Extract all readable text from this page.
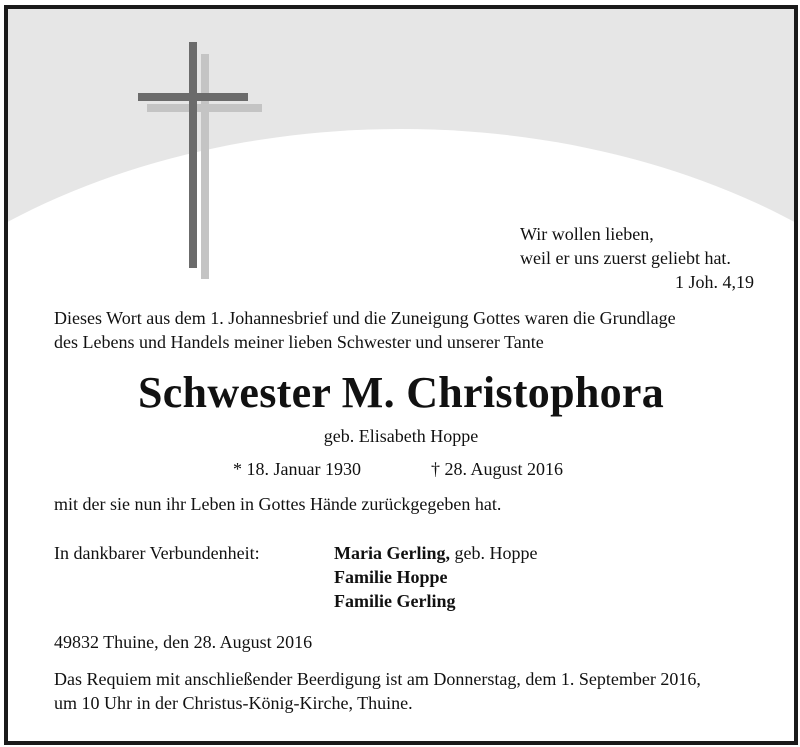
Wir wollen lieben,
weil er uns zuerst geliebt hat.
1 Joh. 4,19
Dieses Wort aus dem 1. Johannesbrief und die Zuneigung Gottes waren die Grundlage
des Lebens und Handels meiner lieben Schwester und unserer Tante
Schwester M. Christophora
geb. Elisabeth Hoppe
* 18. Januar 1930	† 28. August 2016
mit der sie nun ihr Leben in Gottes Hände zurückgegeben hat.
In dankbarer Verbundenheit:	Maria Gerling, geb. Hoppe
Familie Hoppe
Familie Gerling
49832 Thuine, den 28. August 2016
Das Requiem mit anschließender Beerdigung ist am Donnerstag, dem 1. September 2016,
um 10 Uhr in der Christus-König-Kirche, Thuine.
